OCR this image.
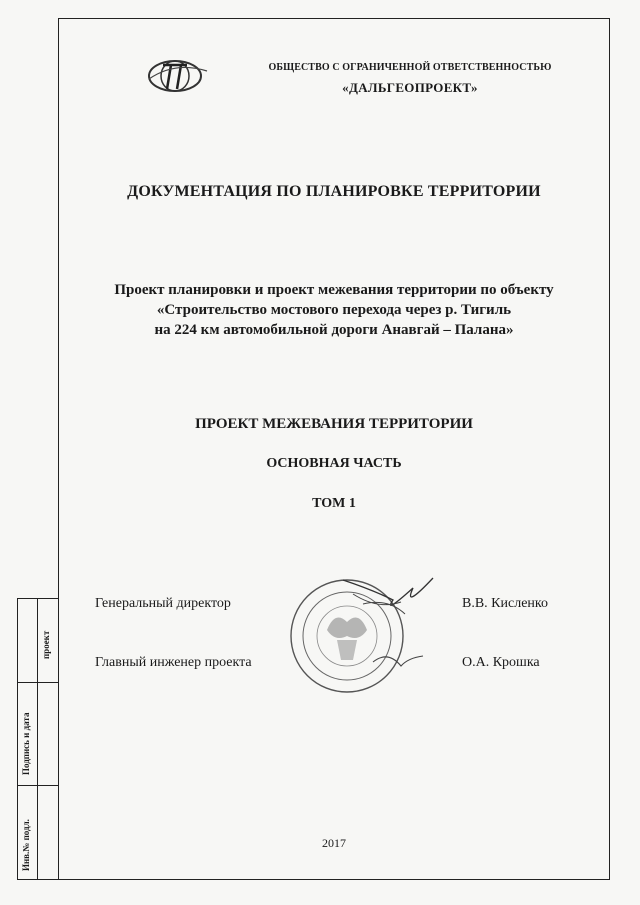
ОБЩЕСТВО С ОГРАНИЧЕННОЙ ОТВЕТСТВЕННОСТЬЮ
«ДАЛЬГЕОПРОЕКТ»
ДОКУМЕНТАЦИЯ ПО ПЛАНИРОВКЕ ТЕРРИТОРИИ
Проект планировки и проект межевания территории по объекту
«Строительство мостового перехода через р. Тигиль
на 224 км автомобильной дороги Анавгай – Палана»
ПРОЕКТ МЕЖЕВАНИЯ ТЕРРИТОРИИ
ОСНОВНАЯ ЧАСТЬ
ТОМ 1
Генеральный директор	В.В. Кисленко
Главный инженер проекта	О.А. Крошка
2017
Инв.№ подл.
Подпись и дата
проект
